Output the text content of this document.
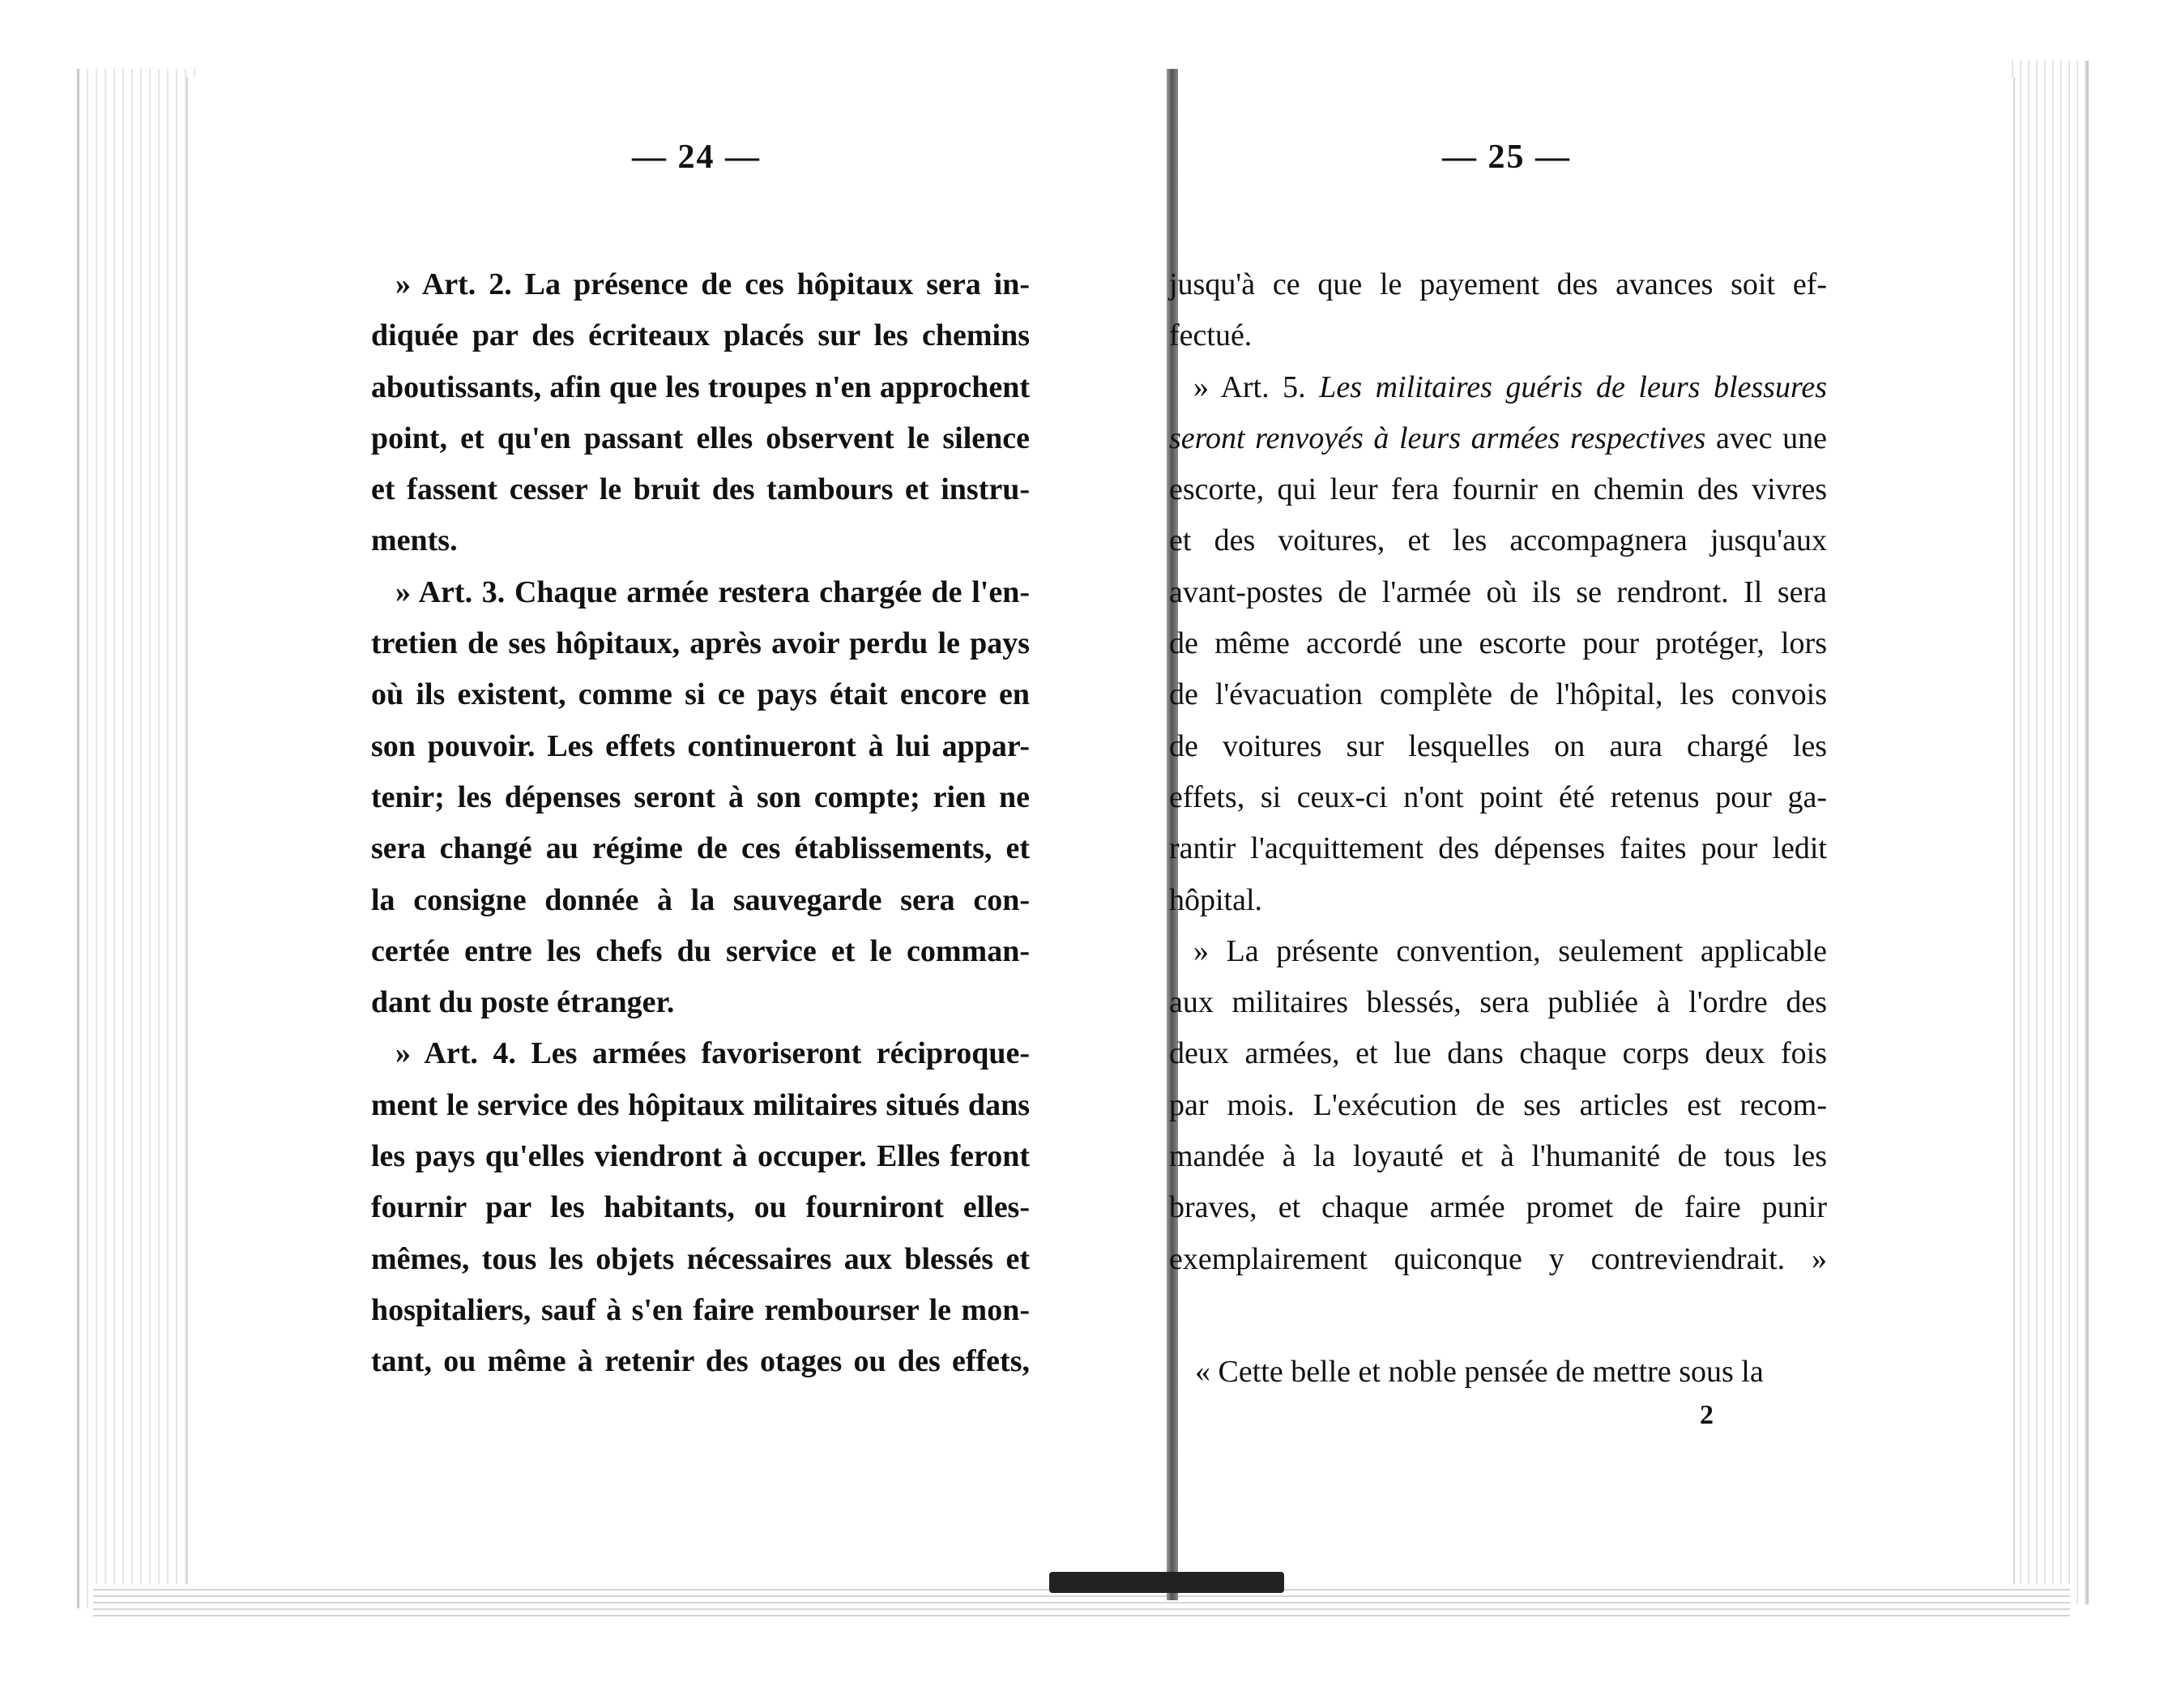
— 24 —	— 25 —
» Art. 2. La présence de ces hôpitaux sera in-
diquée par des écriteaux placés sur les chemins
aboutissants, afin que les troupes n'en approchent
point, et qu'en passant elles observent le silence
et fassent cesser le bruit des tambours et instru-
ments.
» Art. 3. Chaque armée restera chargée de l'en-
tretien de ses hôpitaux, après avoir perdu le pays
où ils existent, comme si ce pays était encore en
son pouvoir. Les effets continueront à lui appar-
tenir; les dépenses seront à son compte; rien ne
sera changé au régime de ces établissements, et
la consigne donnée à la sauvegarde sera con-
certée entre les chefs du service et le comman-
dant du poste étranger.
» Art. 4. Les armées favoriseront réciproque-
ment le service des hôpitaux militaires situés dans
les pays qu'elles viendront à occuper. Elles feront
fournir par les habitants, ou fourniront elles-
mêmes, tous les objets nécessaires aux blessés et
hospitaliers, sauf à s'en faire rembourser le mon-
tant, ou même à retenir des otages ou des effets,
jusqu'à ce que le payement des avances soit ef-
fectué.
» Art. 5. Les militaires guéris de leurs blessures
seront renvoyés à leurs armées respectives avec une
escorte, qui leur fera fournir en chemin des vivres
et des voitures, et les accompagnera jusqu'aux
avant-postes de l'armée où ils se rendront. Il sera
de même accordé une escorte pour protéger, lors
de l'évacuation complète de l'hôpital, les convois
de voitures sur lesquelles on aura chargé les
effets, si ceux-ci n'ont point été retenus pour ga-
rantir l'acquittement des dépenses faites pour ledit
hôpital.
» La présente convention, seulement applicable
aux militaires blessés, sera publiée à l'ordre des
deux armées, et lue dans chaque corps deux fois
par mois. L'exécution de ses articles est recom-
mandée à la loyauté et à l'humanité de tous les
braves, et chaque armée promet de faire punir
exemplairement quiconque y contreviendrait. »
« Cette belle et noble pensée de mettre sous la
2
